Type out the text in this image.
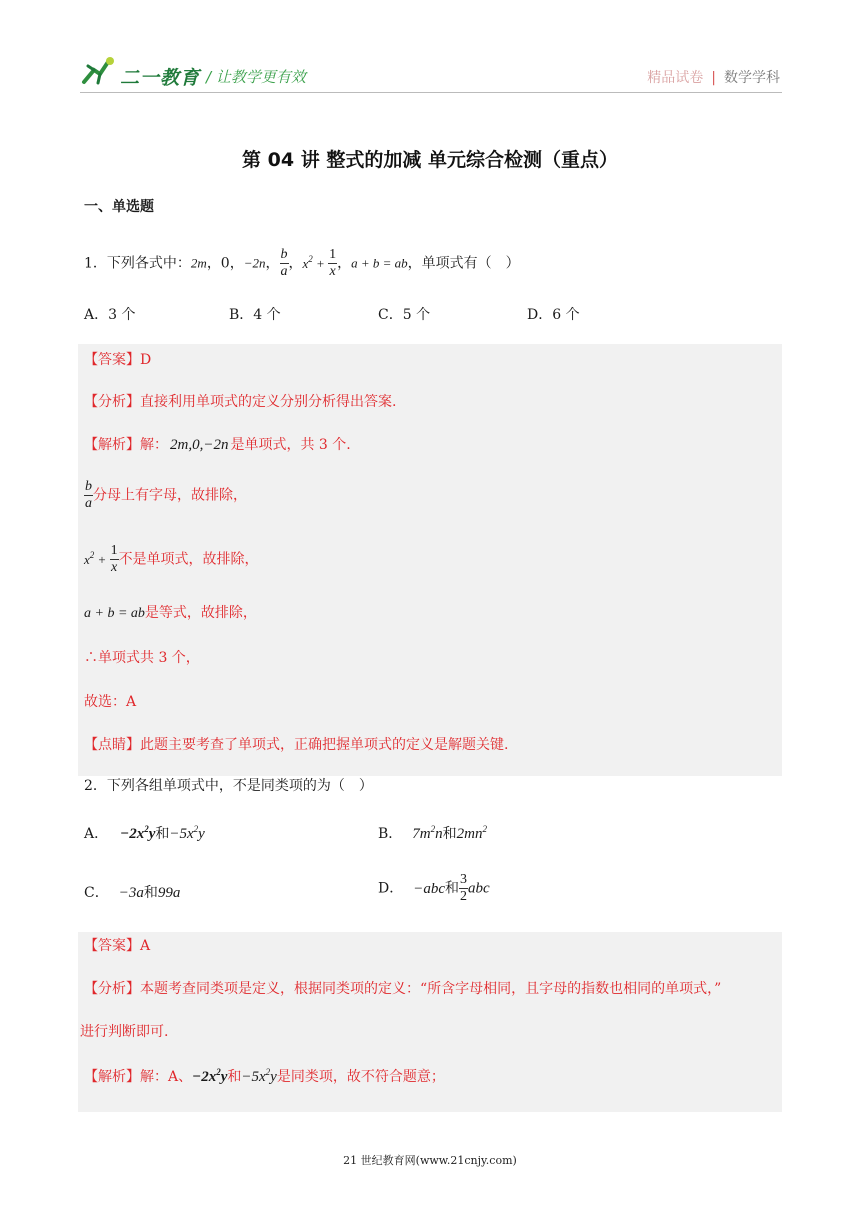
二一教育 / 让教学更有效	精品试卷 | 数学学科
第 04 讲 整式的加减 单元综合检测（重点）
一、单选题
1．下列各式中：2m，0，−2n， $\frac{b}{a}$ ，$x^2 + \frac{1}{x}$ ，a + b = ab，单项式有（　）
A．3 个	B．4 个	C．5 个	D．6 个
【答案】D
【分析】直接利用单项式的定义分别分析得出答案.
【解析】解： 2m,0,−2n 是单项式，共 3 个.
$\frac{b}{a}$ 分母上有字母，故排除，
$x^2 + \frac{1}{x}$ 不是单项式，故排除，
a + b = ab是等式，故排除，
∴单项式共 3 个，
故选：A
【点睛】此题主要考查了单项式，正确把握单项式的定义是解题关键.
2．下列各组单项式中，不是同类项的为（　）
A． $-2x^2y$和$-5x^2y$	B． $7m^2n$和$2mn^2$
C． −3a和99a	D． −abc和 $\frac{3}{2}$ abc
【答案】A
【分析】本题考查同类项是定义，根据同类项的定义：“所含字母相同，且字母的指数也相同的单项式，”
进行判断即可.
【解析】解：A、$-2x^2y$和$-5x^2y$是同类项，故不符合题意；
21 世纪教育网(www.21cnjy.com)
